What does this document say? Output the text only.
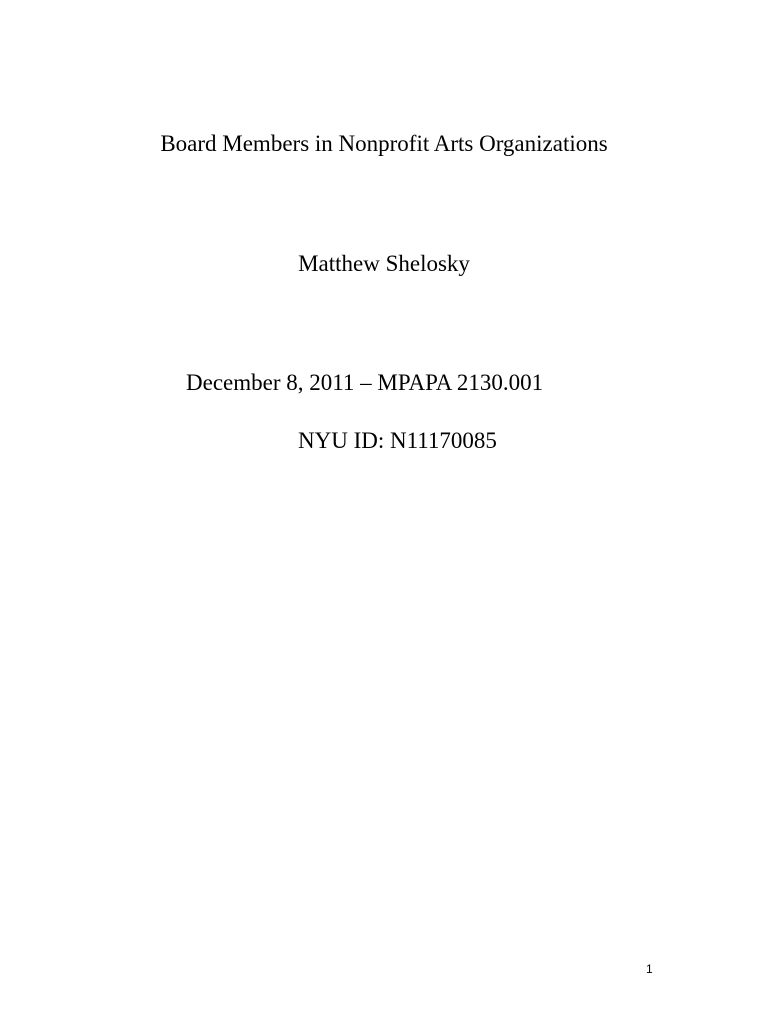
Board Members in Nonprofit Arts Organizations

Matthew Shelosky

December 8, 2011 – MPAPA 2130.001

NYU ID: N11170085

1
